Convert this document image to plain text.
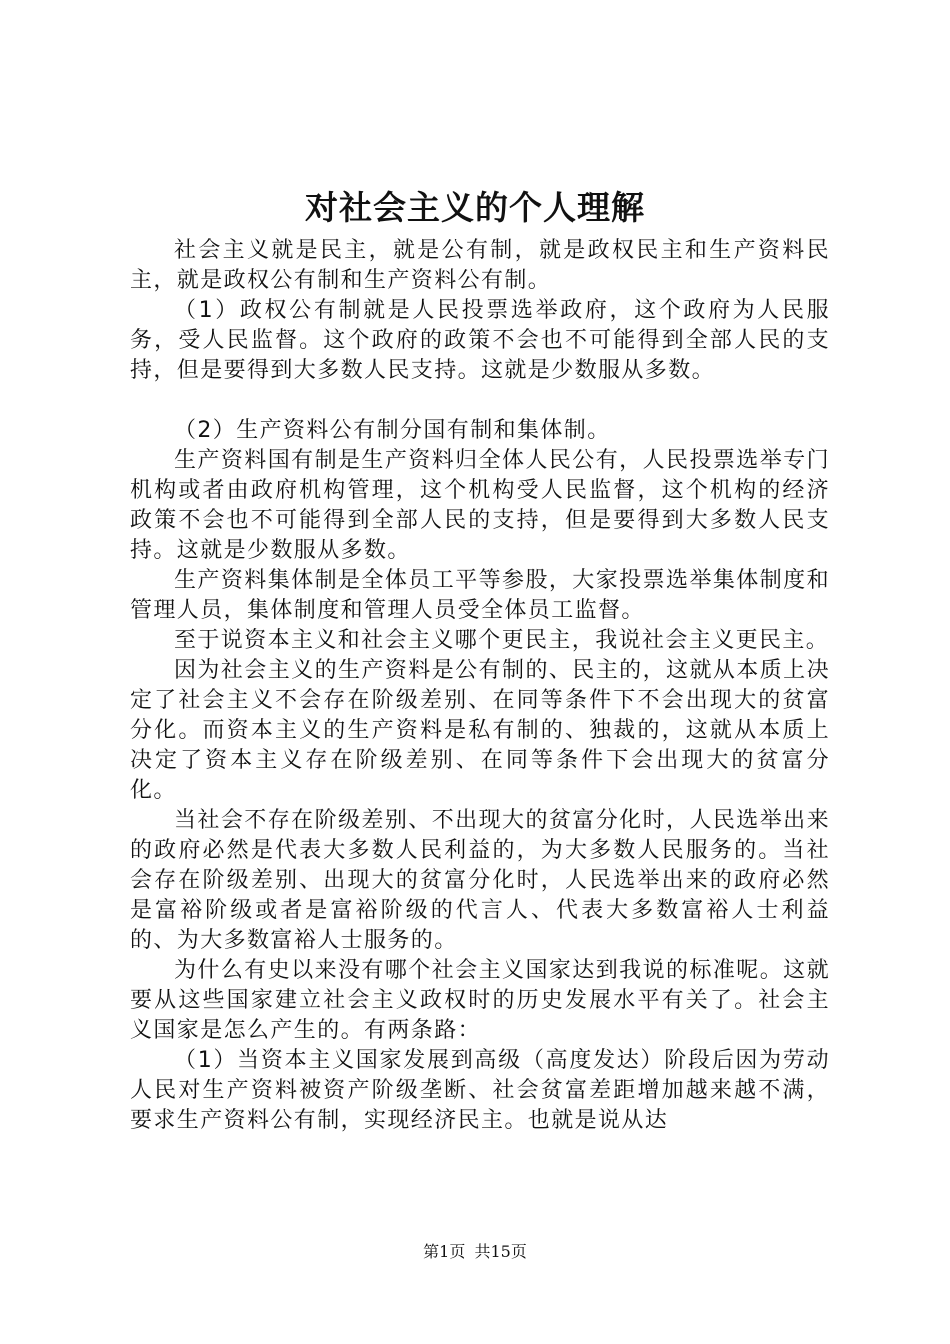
对社会主义的个人理解

社会主义就是民主，就是公有制，就是政权民主和生产资料民主，就是政权公有制和生产资料公有制。

（1）政权公有制就是人民投票选举政府，这个政府为人民服务，受人民监督。这个政府的政策不会也不可能得到全部人民的支持，但是要得到大多数人民支持。这就是少数服从多数。

（2）生产资料公有制分国有制和集体制。

生产资料国有制是生产资料归全体人民公有，人民投票选举专门机构或者由政府机构管理，这个机构受人民监督，这个机构的经济政策不会也不可能得到全部人民的支持，但是要得到大多数人民支持。这就是少数服从多数。

生产资料集体制是全体员工平等参股，大家投票选举集体制度和管理人员，集体制度和管理人员受全体员工监督。

至于说资本主义和社会主义哪个更民主，我说社会主义更民主。

因为社会主义的生产资料是公有制的、民主的，这就从本质上决定了社会主义不会存在阶级差别、在同等条件下不会出现大的贫富分化。而资本主义的生产资料是私有制的、独裁的，这就从本质上决定了资本主义存在阶级差别、在同等条件下会出现大的贫富分化。

当社会不存在阶级差别、不出现大的贫富分化时，人民选举出来的政府必然是代表大多数人民利益的，为大多数人民服务的。当社会存在阶级差别、出现大的贫富分化时，人民选举出来的政府必然是富裕阶级或者是富裕阶级的代言人、代表大多数富裕人士利益的、为大多数富裕人士服务的。

为什么有史以来没有哪个社会主义国家达到我说的标准呢。这就要从这些国家建立社会主义政权时的历史发展水平有关了。社会主义国家是怎么产生的。有两条路：

（1）当资本主义国家发展到高级（高度发达）阶段后因为劳动人民对生产资料被资产阶级垄断、社会贫富差距增加越来越不满，要求生产资料公有制，实现经济民主。也就是说从达

第1页 共15页
